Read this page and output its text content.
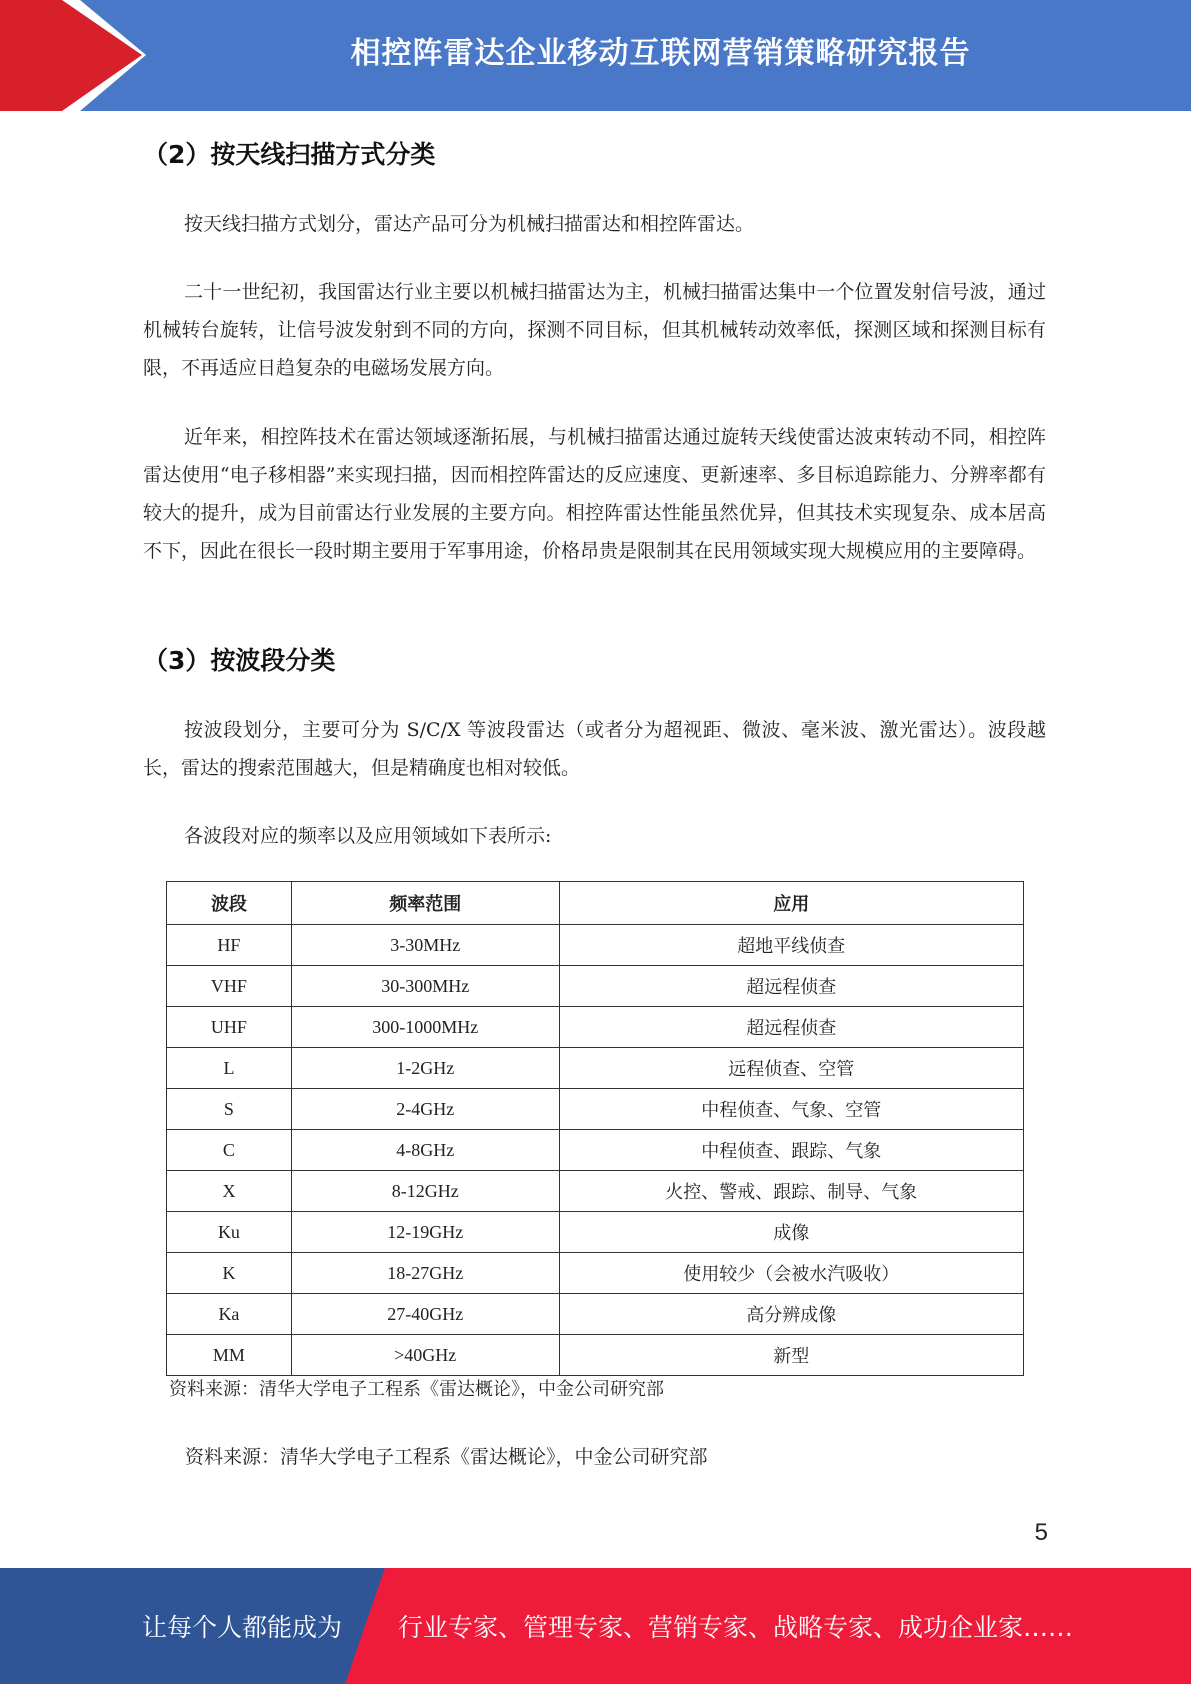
相控阵雷达企业移动互联网营销策略研究报告
（2）按天线扫描方式分类

按天线扫描方式划分，雷达产品可分为机械扫描雷达和相控阵雷达。

二十一世纪初，我国雷达行业主要以机械扫描雷达为主，机械扫描雷达集中一个位置发射信号波，通过机械转台旋转，让信号波发射到不同的方向，探测不同目标，但其机械转动效率低，探测区域和探测目标有限，不再适应日趋复杂的电磁场发展方向。

近年来，相控阵技术在雷达领域逐渐拓展，与机械扫描雷达通过旋转天线使雷达波束转动不同，相控阵雷达使用“电子移相器”来实现扫描，因而相控阵雷达的反应速度、更新速率、多目标追踪能力、分辨率都有较大的提升，成为目前雷达行业发展的主要方向。相控阵雷达性能虽然优异，但其技术实现复杂、成本居高不下，因此在很长一段时期主要用于军事用途，价格昂贵是限制其在民用领域实现大规模应用的主要障碍。

（3）按波段分类

按波段划分，主要可分为 S/C/X 等波段雷达（或者分为超视距、微波、毫米波、激光雷达）。波段越长，雷达的搜索范围越大，但是精确度也相对较低。

各波段对应的频率以及应用领域如下表所示:

波段	频率范围	应用
HF	3-30MHz	超地平线侦查
VHF	30-300MHz	超远程侦查
UHF	300-1000MHz	超远程侦查
L	1-2GHz	远程侦查、空管
S	2-4GHz	中程侦查、气象、空管
C	4-8GHz	中程侦查、跟踪、气象
X	8-12GHz	火控、警戒、跟踪、制导、气象
Ku	12-19GHz	成像
K	18-27GHz	使用较少（会被水汽吸收）
Ka	27-40GHz	高分辨成像
MM	>40GHz	新型
资料来源：清华大学电子工程系《雷达概论》，中金公司研究部
资料来源：清华大学电子工程系《雷达概论》，中金公司研究部
5
让每个人都能成为 行业专家、管理专家、营销专家、战略专家、成功企业家……
